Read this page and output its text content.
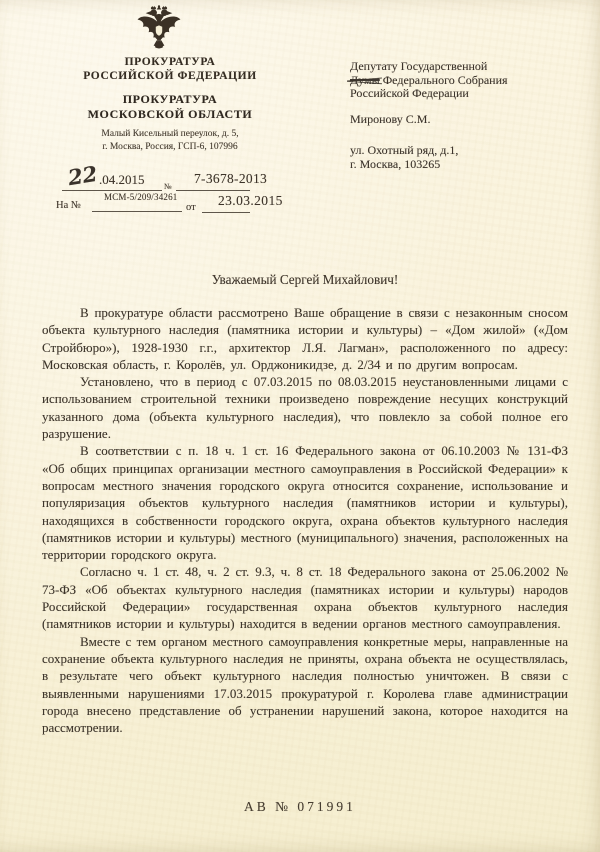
ПРОКУРАТУРА
РОССИЙСКОЙ ФЕДЕРАЦИИ
ПРОКУРАТУРА
МОСКОВСКОЙ ОБЛАСТИ
Малый Кисельный переулок, д. 5,
г. Москва, Россия, ГСП-6, 107996
22 .04.2015 №
7-3678-2013
МСМ-5/209/34261
На №	от 23.03.2015
Депутату Государственной
Думы Федерального Собрания
Российской Федерации
Миронову С.М.
ул. Охотный ряд, д.1,
г. Москва, 103265
Уважаемый Сергей Михайлович!

В прокуратуре области рассмотрено Ваше обращение в связи с незаконным сносом объекта культурного наследия (памятника истории и культуры) – «Дом жилой» («Дом Стройбюро»), 1928-1930 г.г., архитектор Л.Я. Лагман», расположенного по адресу: Московская область, г. Королёв, ул. Орджоникидзе, д. 2/34 и по другим вопросам.

Установлено, что в период с 07.03.2015 по 08.03.2015 неустановленными лицами с использованием строительной техники произведено повреждение несущих конструкций указанного дома (объекта культурного наследия), что повлекло за собой полное его разрушение.

В соответствии с п. 18 ч. 1 ст. 16 Федерального закона от 06.10.2003 № 131-ФЗ «Об общих принципах организации местного самоуправления в Российской Федерации» к вопросам местного значения городского округа относится сохранение, использование и популяризация объектов культурного наследия (памятников истории и культуры), находящихся в собственности городского округа, охрана объектов культурного наследия (памятников истории и культуры) местного (муниципального) значения, расположенных на территории городского округа.

Согласно ч. 1 ст. 48, ч. 2 ст. 9.3, ч. 8 ст. 18 Федерального закона от 25.06.2002 № 73-ФЗ «Об объектах культурного наследия (памятниках истории и культуры) народов Российской Федерации» государственная охрана объектов культурного наследия (памятников истории и культуры) находится в ведении органов местного самоуправления.

Вместе с тем органом местного самоуправления конкретные меры, направленные на сохранение объекта культурного наследия не приняты, охрана объекта не осуществлялась, в результате чего объект культурного наследия полностью уничтожен. В связи с выявленными нарушениями 17.03.2015 прокуратурой г. Королева главе администрации города внесено представление об устранении нарушений закона, которое находится на рассмотрении.

АВ № 071991
